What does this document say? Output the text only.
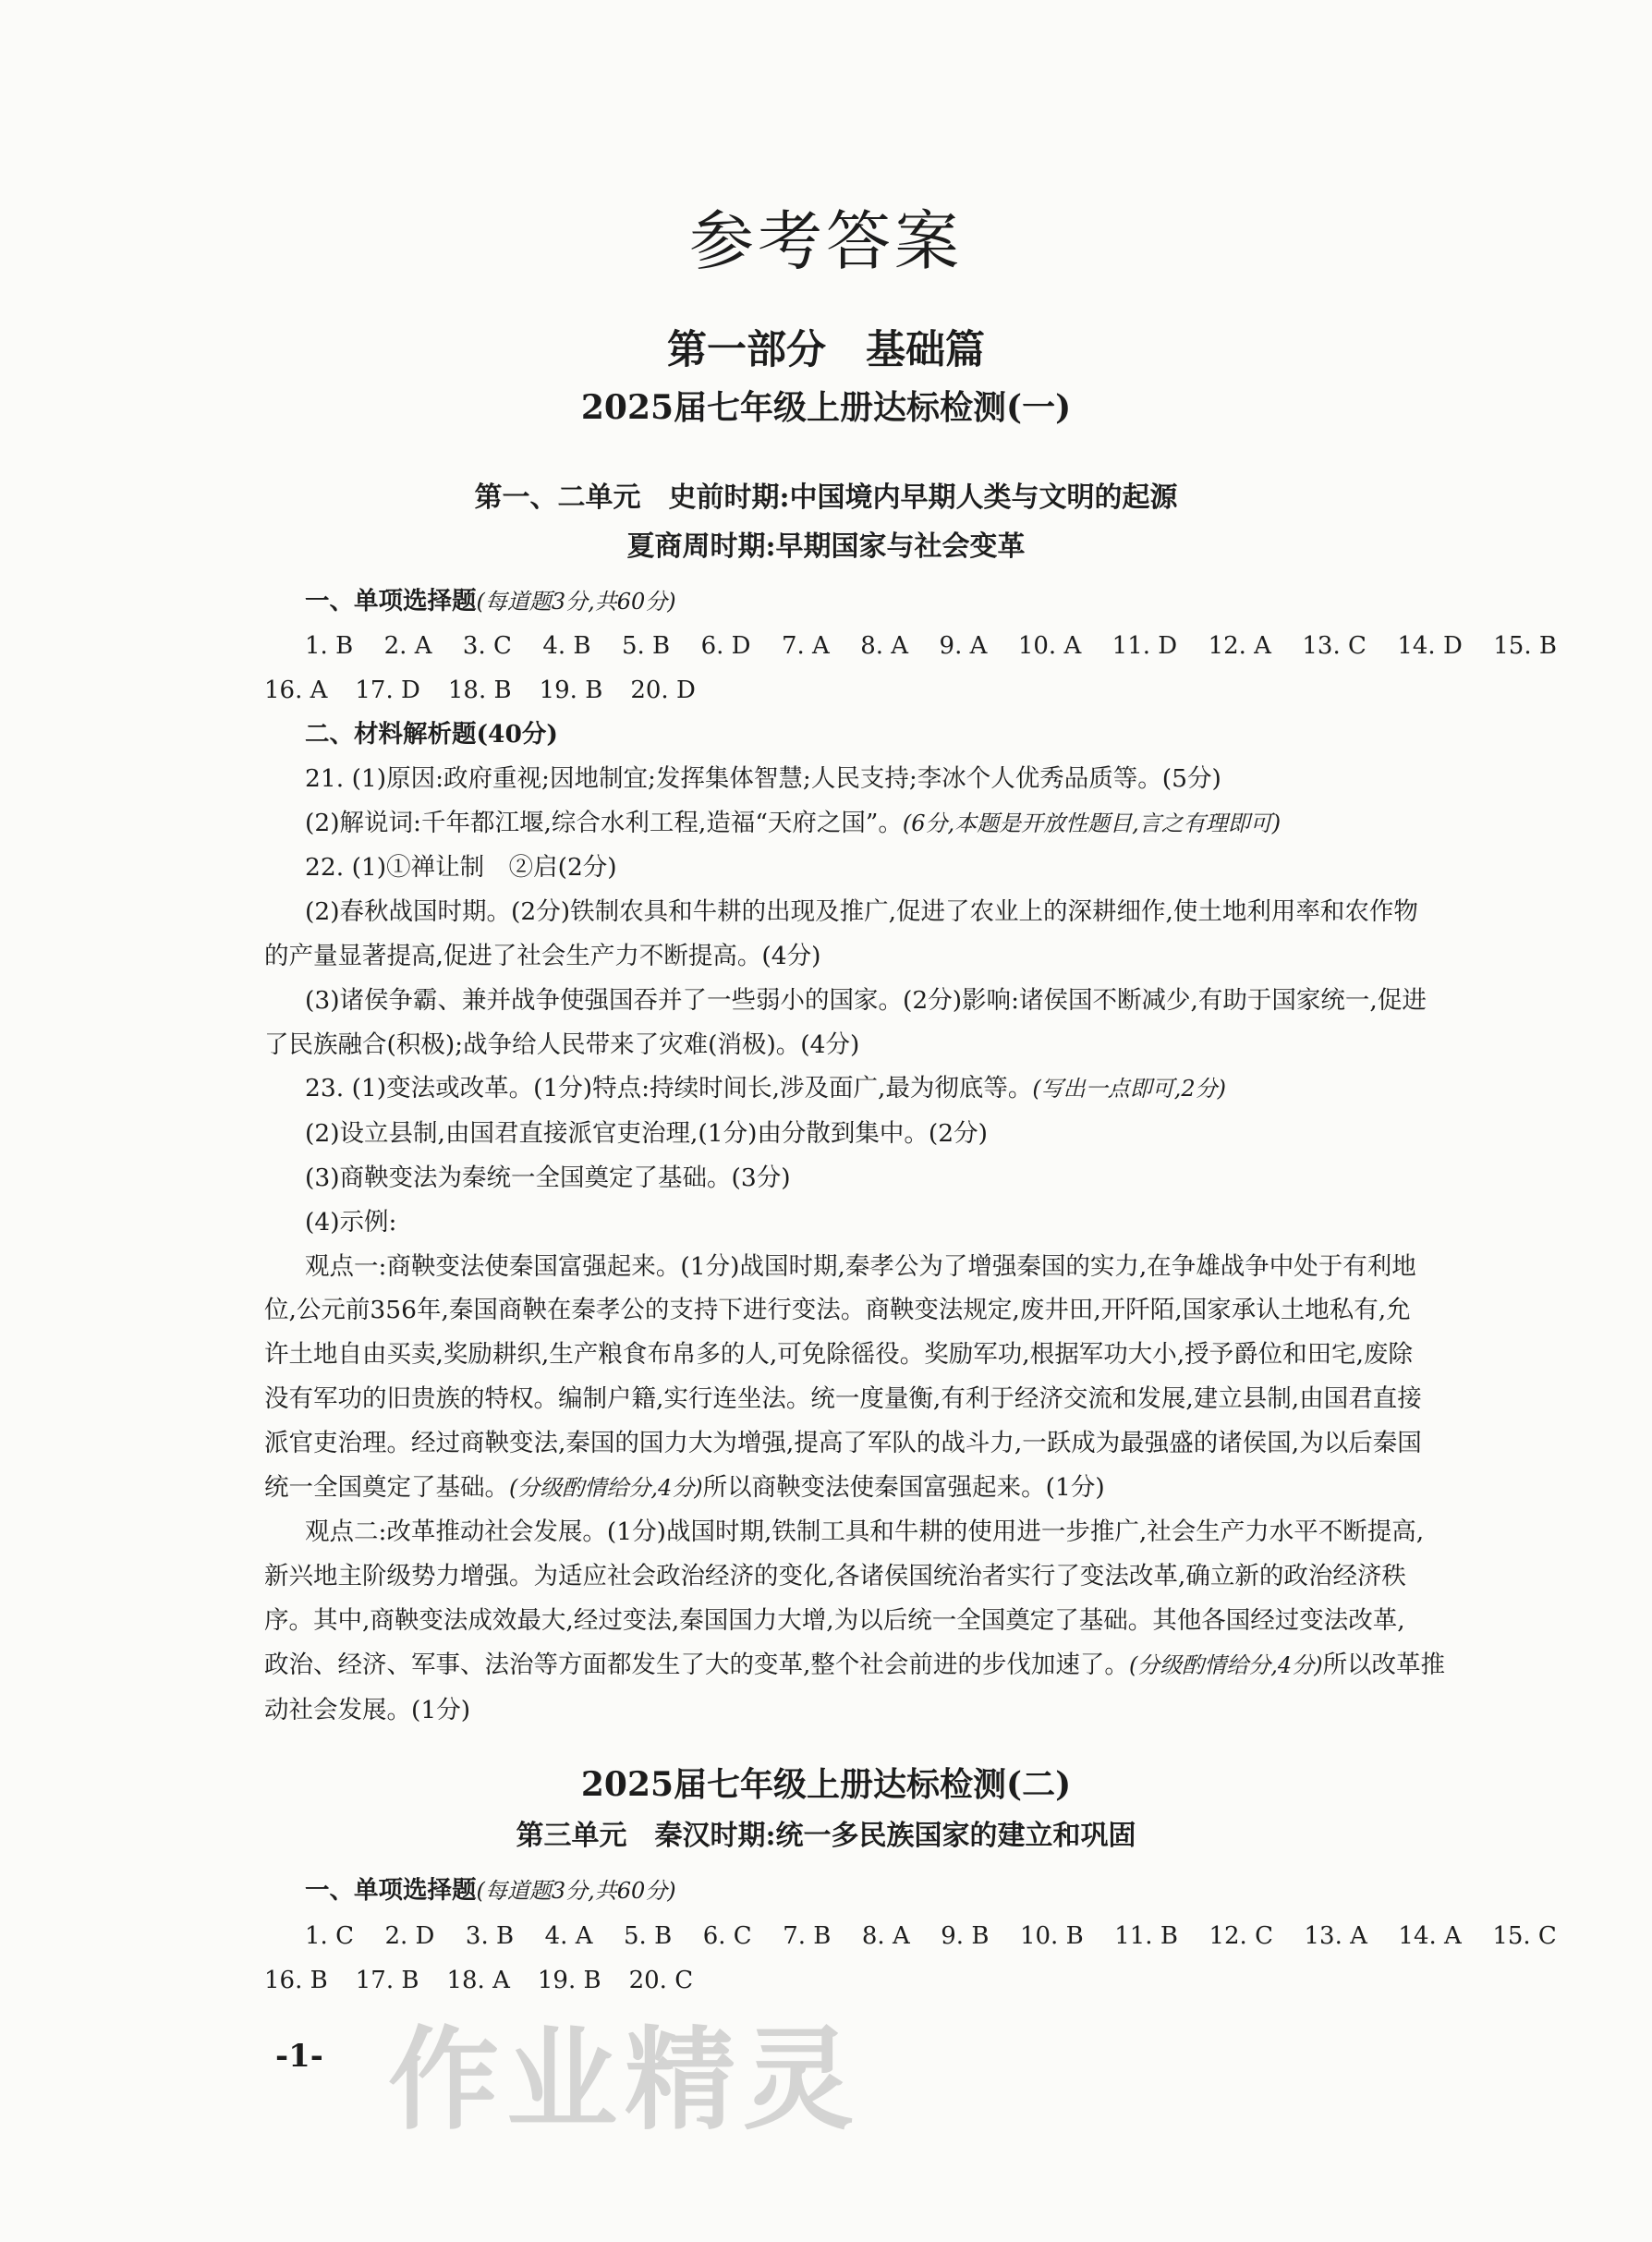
参考答案
第一部分　基础篇
2025届七年级上册达标检测(一)
第一、二单元　史前时期:中国境内早期人类与文明的起源
夏商周时期:早期国家与社会变革
一、单项选择题(每道题3分,共60分)
1. B 2. A 3. C 4. B 5. B 6. D 7. A 8. A 9. A 10. A 11. D 12. A 13. C 14. D 15. B
16. A 17. D 18. B 19. B 20. D
二、材料解析题(40分)
21. (1)原因:政府重视;因地制宜;发挥集体智慧;人民支持;李冰个人优秀品质等。(5分)
(2)解说词:千年都江堰,综合水利工程,造福“天府之国”。(6分,本题是开放性题目,言之有理即可)
22. (1)①禅让制　②启(2分)
(2)春秋战国时期。(2分)铁制农具和牛耕的出现及推广,促进了农业上的深耕细作,使土地利用率和农作物
的产量显著提高,促进了社会生产力不断提高。(4分)
(3)诸侯争霸、兼并战争使强国吞并了一些弱小的国家。(2分)影响:诸侯国不断减少,有助于国家统一,促进
了民族融合(积极);战争给人民带来了灾难(消极)。(4分)
23. (1)变法或改革。(1分)特点:持续时间长,涉及面广,最为彻底等。(写出一点即可,2分)
(2)设立县制,由国君直接派官吏治理,(1分)由分散到集中。(2分)
(3)商鞅变法为秦统一全国奠定了基础。(3分)
(4)示例:
观点一:商鞅变法使秦国富强起来。(1分)战国时期,秦孝公为了增强秦国的实力,在争雄战争中处于有利地
位,公元前356年,秦国商鞅在秦孝公的支持下进行变法。商鞅变法规定,废井田,开阡陌,国家承认土地私有,允
许土地自由买卖,奖励耕织,生产粮食布帛多的人,可免除徭役。奖励军功,根据军功大小,授予爵位和田宅,废除
没有军功的旧贵族的特权。编制户籍,实行连坐法。统一度量衡,有利于经济交流和发展,建立县制,由国君直接
派官吏治理。经过商鞅变法,秦国的国力大为增强,提高了军队的战斗力,一跃成为最强盛的诸侯国,为以后秦国
统一全国奠定了基础。(分级酌情给分,4分)所以商鞅变法使秦国富强起来。(1分)
观点二:改革推动社会发展。(1分)战国时期,铁制工具和牛耕的使用进一步推广,社会生产力水平不断提高,
新兴地主阶级势力增强。为适应社会政治经济的变化,各诸侯国统治者实行了变法改革,确立新的政治经济秩
序。其中,商鞅变法成效最大,经过变法,秦国国力大增,为以后统一全国奠定了基础。其他各国经过变法改革,
政治、经济、军事、法治等方面都发生了大的变革,整个社会前进的步伐加速了。(分级酌情给分,4分)所以改革推
动社会发展。(1分)
2025届七年级上册达标检测(二)
第三单元　秦汉时期:统一多民族国家的建立和巩固
一、单项选择题(每道题3分,共60分)
1. C 2. D 3. B 4. A 5. B 6. C 7. B 8. A 9. B 10. B 11. B 12. C 13. A 14. A 15. C
16. B 17. B 18. A 19. B 20. C
-1- 作业精灵
